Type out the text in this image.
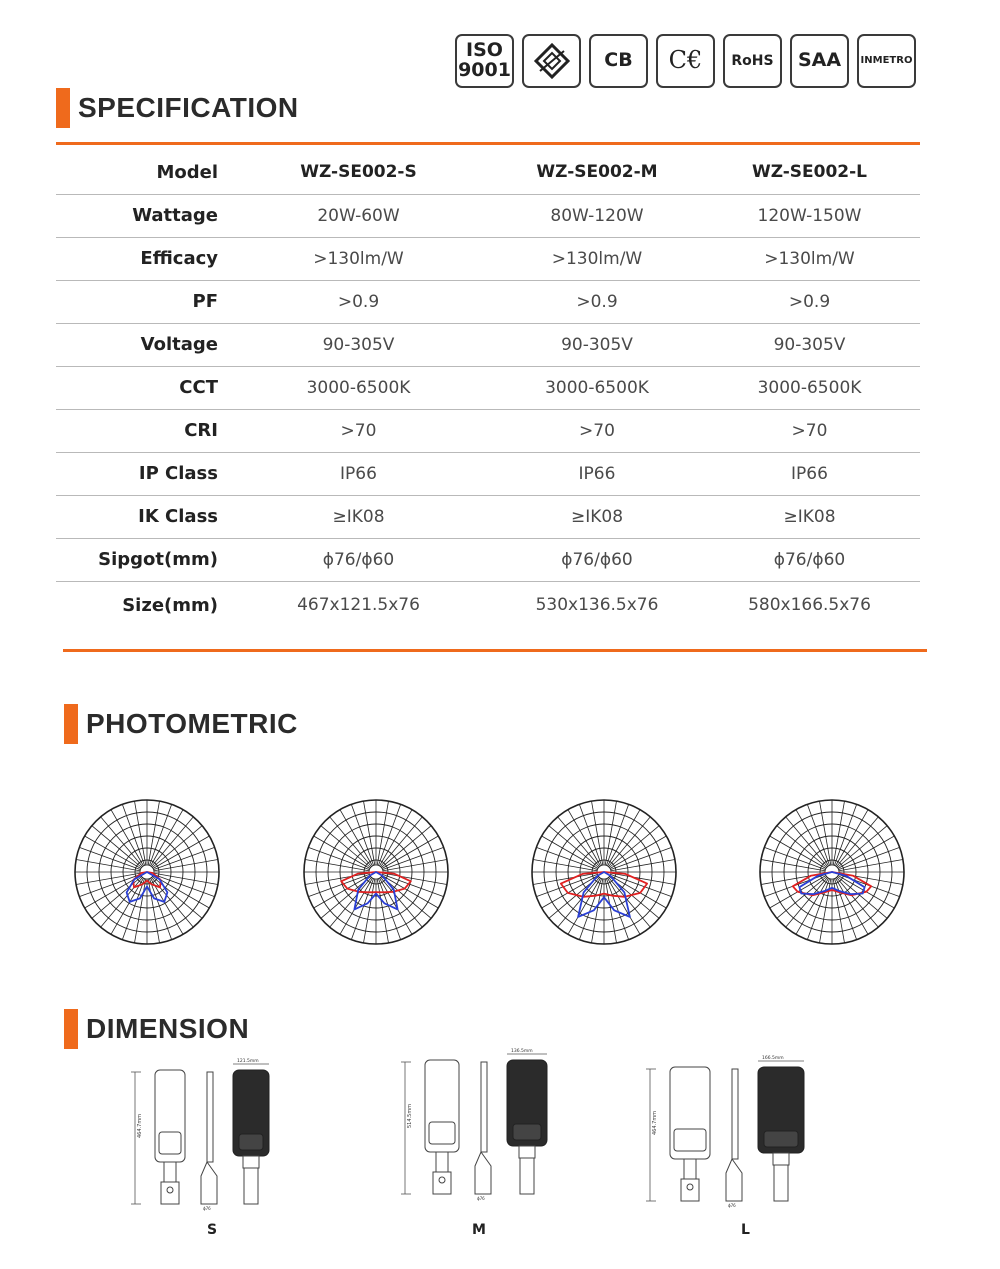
ISO
9001	CB	C€	RoHS	SAA	INMETRO
SPECIFICATION
Model	WZ-SE002-S	WZ-SE002-M	WZ-SE002-L
Wattage	20W-60W	80W-120W	120W-150W
Efficacy	>130lm/W	>130lm/W	>130lm/W
PF	>0.9	>0.9	>0.9
Voltage	90-305V	90-305V	90-305V
CCT	3000-6500K	3000-6500K	3000-6500K
CRI	>70	>70	>70
IP Class	IP66	IP66	IP66
IK Class	≥IK08	≥IK08	≥IK08
Sipgot(mm)	ϕ76/ϕ60	ϕ76/ϕ60	ϕ76/ϕ60
Size(mm)	467x121.5x76	530x136.5x76	580x166.5x76
PHOTOMETRIC
DIMENSION
464.7mm
ϕ76
121.5mm
S
514.5mm
ϕ76
136.5mm
M
464.7mm
ϕ76
166.5mm
L
